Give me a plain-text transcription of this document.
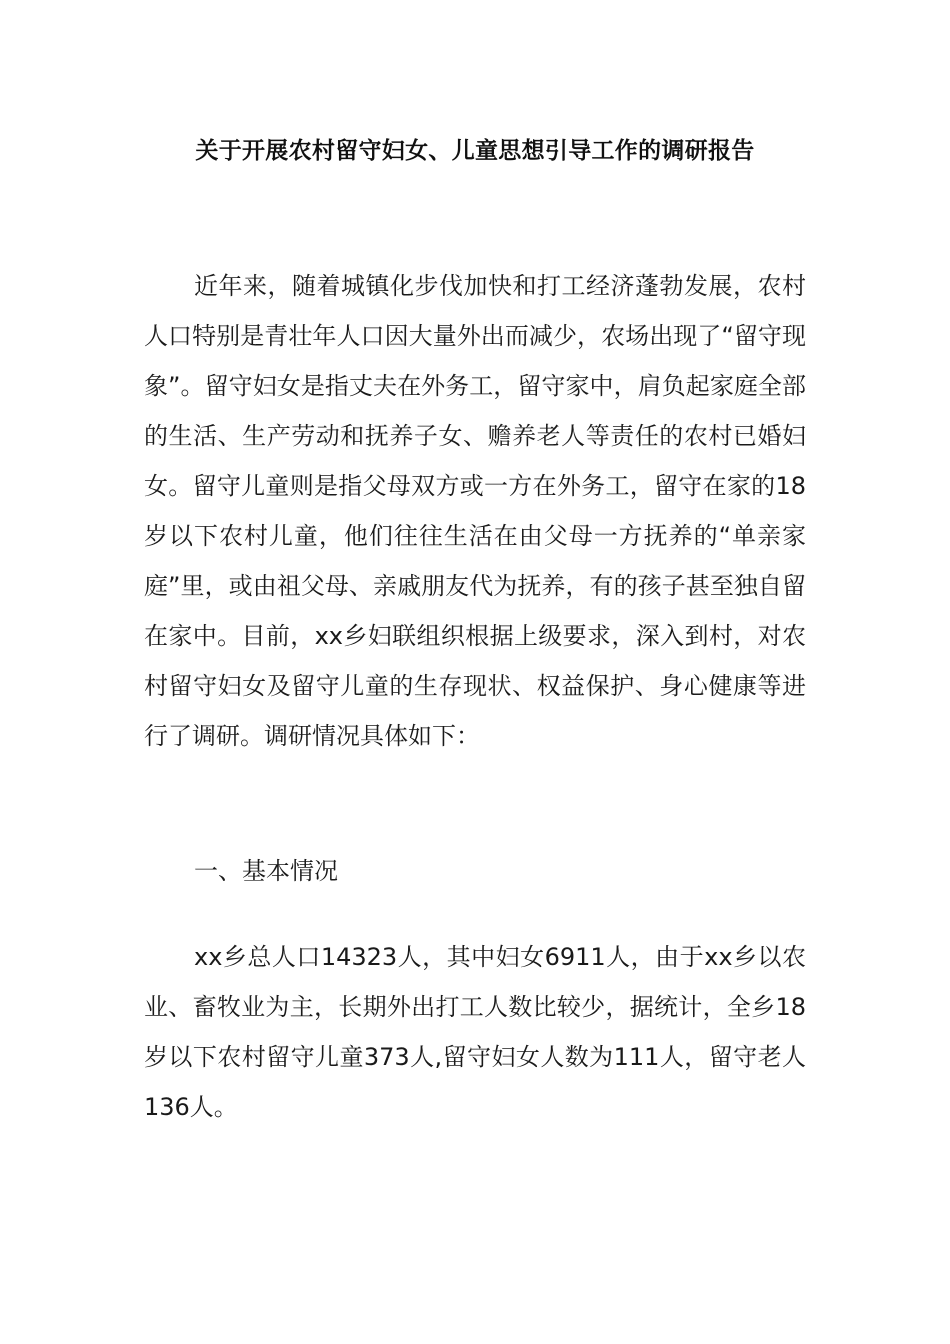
关于开展农村留守妇女、儿童思想引导工作的调研报告

近年来，随着城镇化步伐加快和打工经济蓬勃发展，农村人口特别是青壮年人口因大量外出而减少，农场出现了“留守现象”。留守妇女是指丈夫在外务工，留守家中，肩负起家庭全部的生活、生产劳动和抚养子女、赡养老人等责任的农村已婚妇女。留守儿童则是指父母双方或一方在外务工，留守在家的18岁以下农村儿童，他们往往生活在由父母一方抚养的“单亲家庭”里，或由祖父母、亲戚朋友代为抚养，有的孩子甚至独自留在家中。目前，xx乡妇联组织根据上级要求，深入到村，对农村留守妇女及留守儿童的生存现状、权益保护、身心健康等进行了调研。调研情况具体如下：

一、基本情况

xx乡总人口14323人，其中妇女6911人，由于xx乡以农业、畜牧业为主，长期外出打工人数比较少，据统计，全乡18岁以下农村留守儿童373人,留守妇女人数为111人，留守老人136人。
